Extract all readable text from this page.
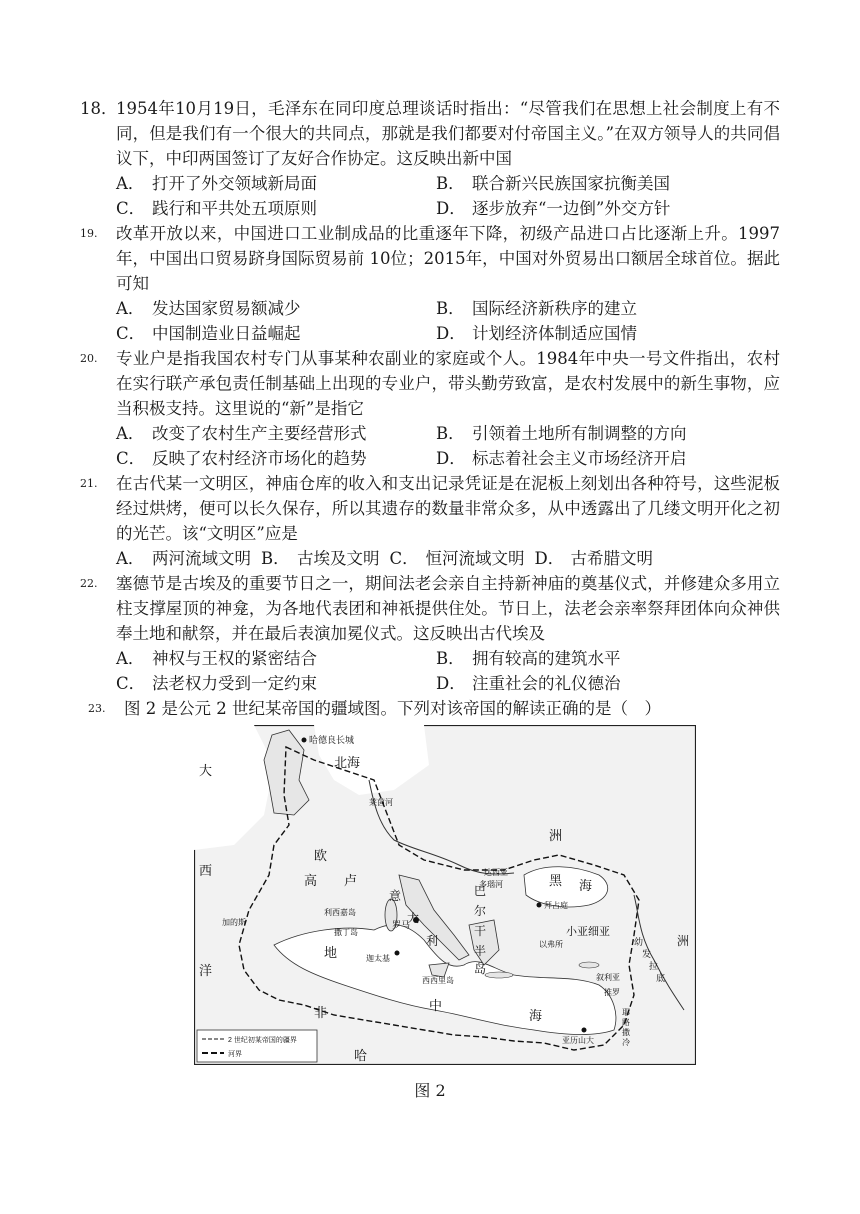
18．
1954年10月19日，毛泽东在同印度总理谈话时指出：“尽管我们在思想上社会制度上有不同，但是我们有一个很大的共同点，那就是我们都要对付帝国主义。”在双方领导人的共同倡议下，中印两国签订了友好合作协定。这反映出新中国
A． 打开了外交领域新局面	B． 联合新兴民族国家抗衡美国
C． 践行和平共处五项原则	D． 逐步放弃“一边倒”外交方针
19.	改革开放以来，中国进口工业制成品的比重逐年下降，初级产品进口占比逐渐上升。1997年，中国出口贸易跻身国际贸易前 10位；2015年，中国对外贸易出口额居全球首位。据此可知
A． 发达国家贸易额减少	B． 国际经济新秩序的建立
C． 中国制造业日益崛起	D． 计划经济体制适应国情
20.	专业户是指我国农村专门从事某种农副业的家庭或个人。1984年中央一号文件指出，农村在实行联产承包责任制基础上出现的专业户，带头勤劳致富，是农村发展中的新生事物，应当积极支持。这里说的“新”是指它
A． 改变了农村生产主要经营形式	B． 引领着土地所有制调整的方向
C． 反映了农村经济市场化的趋势	D． 标志着社会主义市场经济开启
21.	在古代某一文明区，神庙仓库的收入和支出记录凭证是在泥板上刻划出各种符号，这些泥板经过烘烤，便可以长久保存，所以其遗存的数量非常众多，从中透露出了几缕文明开化之初的光芒。该“文明区”应是
A． 两河流域文明 B． 古埃及文明 C． 恒河流域文明 D． 古希腊文明
22.	塞德节是古埃及的重要节日之一，期间法老会亲自主持新神庙的奠基仪式，并修建众多用立柱支撑屋顶的神龛，为各地代表团和神祇提供住处。节日上，法老会亲率祭拜团体向众神供奉土地和献祭，并在最后表演加冕仪式。这反映出古代埃及
A． 神权与王权的紧密结合	B． 拥有较高的建筑水平
C． 法老权力受到一定约束	D． 注重社会的礼仪德治
23.	图 2 是公元 2 世纪某帝国的疆域图。下列对该帝国的解读正确的是（　）
哈德良长城
北海
莱茵河
欧
洲
高 卢
西
大
洋
达西亚
多瑙河	黑 海
巴
尔
干
半
岛
小亚细亚
拜占庭
以弗所
利西嘉岛
撒丁岛
罗马
意
大
利
加的斯
地	迦太基
西西里岛
中
海
非
哈
亚历山大
洲
叙利亚
幼
发
拉
底
推罗
耶
路
撒
冷
2 世纪初某帝国的疆界
河界
图 2
